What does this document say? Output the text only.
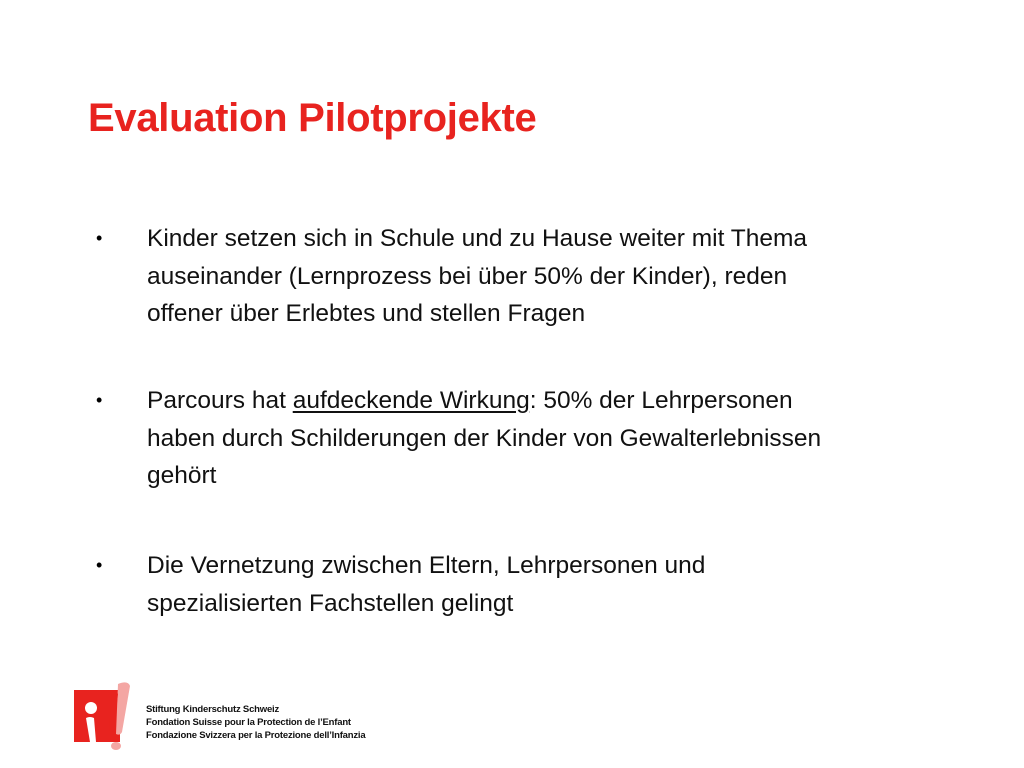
Evaluation Pilotprojekte
• Kinder setzen sich in Schule und zu Hause weiter mit Thema
auseinander (Lernprozess bei über 50% der Kinder), reden
offener über Erlebtes und stellen Fragen
• Parcours hat aufdeckende Wirkung: 50% der Lehrpersonen
haben durch Schilderungen der Kinder von Gewalterlebnissen
gehört
• Die Vernetzung zwischen Eltern, Lehrpersonen und
spezialisierten Fachstellen gelingt
Stiftung Kinderschutz Schweiz
Fondation Suisse pour la Protection de l’Enfant
Fondazione Svizzera per la Protezione dell’Infanzia
